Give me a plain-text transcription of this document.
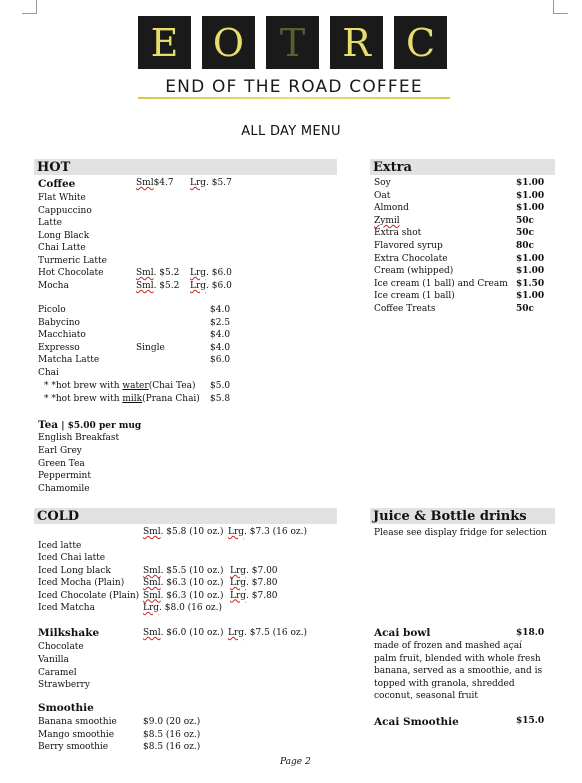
E O T R C
END OF THE ROAD COFFEE
ALL DAY MENU
HOT
Coffee	Sml$4.7 Lrg. $5.7
Flat White
Cappuccino
Latte
Long Black
Chai Latte
Turmeric Latte
Hot Chocolate	Sml. $5.2 Lrg. $6.0
Mocha	Sml. $5.2 Lrg. $6.0
Picolo	$4.0
Babycino	$2.5
Macchiato	$4.0
Expresso	Single	$4.0
Matcha Latte	$6.0
Chai
* *hot brew with water(Chai Tea) $5.0
* *hot brew with milk(Prana Chai) $5.8
Tea | $5.00 per mug
English Breakfast
Earl Grey
Green Tea
Peppermint
Chamomile
Extra
Soy	$1.00
Oat	$1.00
Almond	$1.00
Zymil	50c
Extra shot	50c
Flavored syrup	80c
Extra Chocolate	$1.00
Cream (whipped)	$1.00
Ice cream (1 ball) and Cream $1.50
Ice cream (1 ball)	$1.00
Coffee Treats	50c
COLD
Sml. $5.8 (10 oz.) Lrg. $7.3 (16 oz.)
Iced latte
Iced Chai latte
Iced Long black	Sml. $5.5 (10 oz.) Lrg. $7.00
Iced Mocha (Plain) Sml. $6.3 (10 oz.) Lrg. $7.80
Iced Chocolate (Plain) Sml. $6.3 (10 oz.) Lrg. $7.80
Iced Matcha	Lrg. $8.0 (16 oz.)
Milkshake	Sml. $6.0 (10 oz.) Lrg. $7.5 (16 oz.)
Chocolate
Vanilla
Caramel
Strawberry
Smoothie
Banana smoothie	$9.0 (20 oz.)
Mango smoothie	$8.5 (16 oz.)
Berry smoothie	$8.5 (16 oz.)
Juice & Bottle drinks
Please see display fridge for selection
Acai bowl	$18.0
made of frozen and mashed açaí palm fruit, blended with whole fresh banana, served as a smoothie, and is topped with granola, shredded coconut, seasonal fruit
Acai Smoothie	$15.0
Page 2
